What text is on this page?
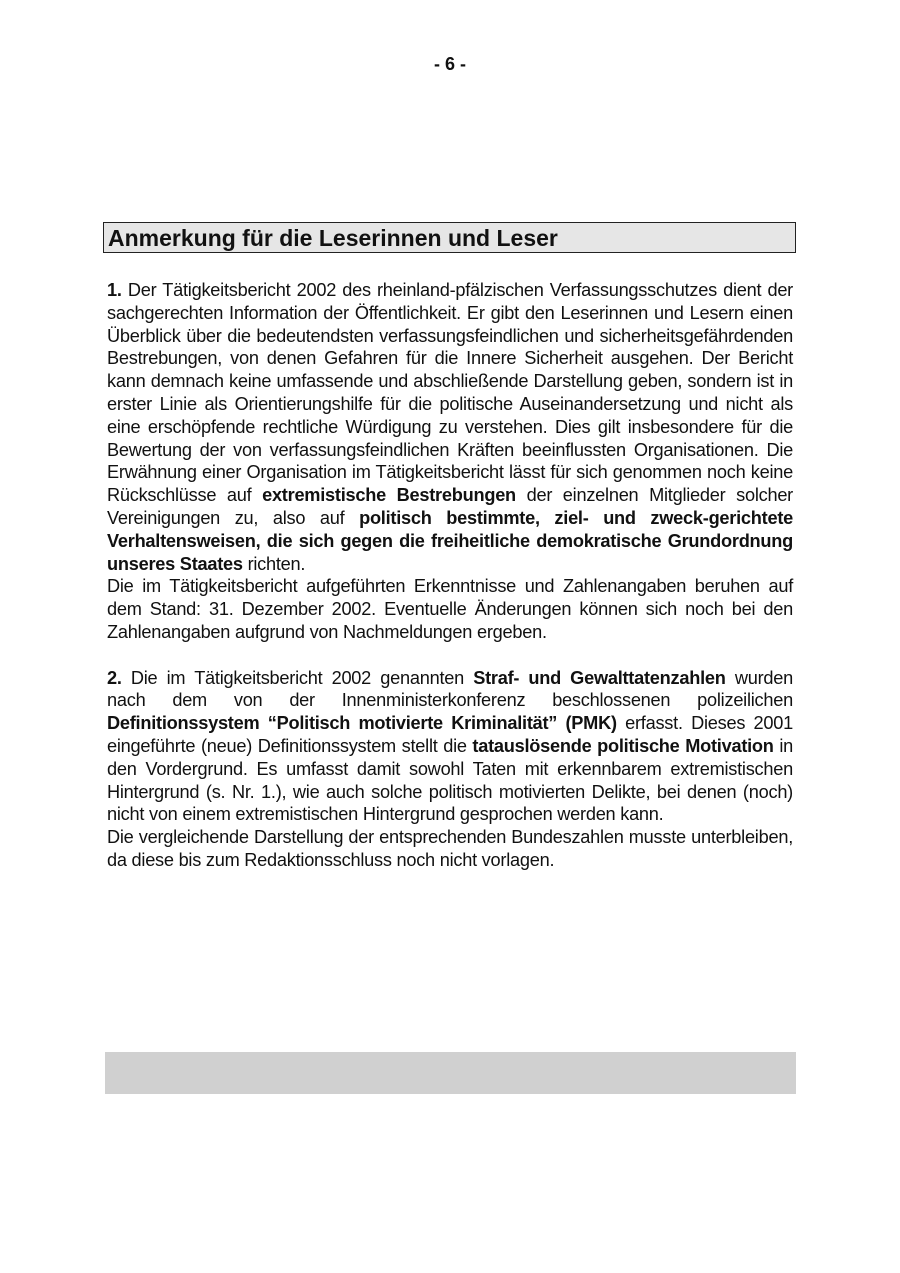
- 6 -
Anmerkung für die Leserinnen und Leser

1. Der Tätigkeitsbericht 2002 des rheinland-pfälzischen Verfassungsschutzes dient der sachgerechten Information der Öffentlichkeit. Er gibt den Leserinnen und Lesern einen Überblick über die bedeutendsten verfassungsfeindlichen und sicherheitsgefährdenden Bestrebungen, von denen Gefahren für die Innere Sicherheit ausgehen. Der Bericht kann demnach keine umfassende und abschließende Darstellung geben, sondern ist in erster Linie als Orientierungshilfe für die politische Auseinandersetzung und nicht als eine erschöpfende rechtliche Würdigung zu verstehen. Dies gilt insbesondere für die Bewertung der von verfassungsfeindlichen Kräften beeinflussten Organisationen. Die Erwähnung einer Organisation im Tätigkeitsbericht lässt für sich genommen noch keine Rückschlüsse auf extremistische Bestrebungen der einzelnen Mitglieder solcher Vereinigungen zu, also auf politisch bestimmte, ziel- und zweck-gerichtete Verhaltensweisen, die sich gegen die freiheitliche demokratische Grundordnung unseres Staates richten.

Die im Tätigkeitsbericht aufgeführten Erkenntnisse und Zahlenangaben beruhen auf dem Stand: 31. Dezember 2002. Eventuelle Änderungen können sich noch bei den Zahlenangaben aufgrund von Nachmeldungen ergeben.

2. Die im Tätigkeitsbericht 2002 genannten Straf- und Gewalttatenzahlen wurden nach dem von der Innenministerkonferenz beschlossenen polizeilichen Definitionssystem “Politisch motivierte Kriminalität” (PMK) erfasst. Dieses 2001 eingeführte (neue) Definitionssystem stellt die tatauslösende politische Motivation in den Vordergrund. Es umfasst damit sowohl Taten mit erkennbarem extremistischen Hintergrund (s. Nr. 1.), wie auch solche politisch motivierten Delikte, bei denen (noch) nicht von einem extremistischen Hintergrund gesprochen werden kann.

Die vergleichende Darstellung der entsprechenden Bundeszahlen musste unterbleiben, da diese bis zum Redaktionsschluss noch nicht vorlagen.
